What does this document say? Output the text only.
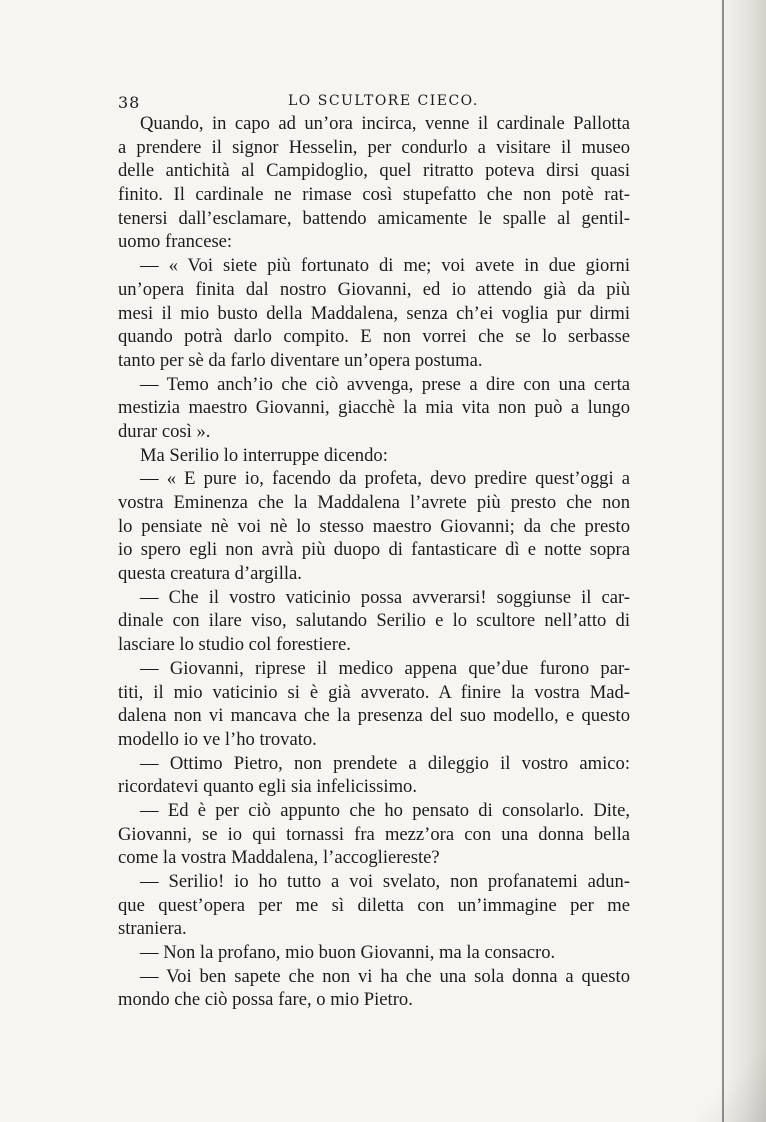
38	LO SCULTORE CIECO.
Quando, in capo ad un’ora incirca, venne il cardinale Pallotta
a prendere il signor Hesselin, per condurlo a visitare il museo
delle antichità al Campidoglio, quel ritratto poteva dirsi quasi
finito. Il cardinale ne rimase così stupefatto che non potè rat-
tenersi dall’esclamare, battendo amicamente le spalle al gentil-
uomo francese:
— « Voi siete più fortunato di me; voi avete in due giorni
un’opera finita dal nostro Giovanni, ed io attendo già da più
mesi il mio busto della Maddalena, senza ch’ei voglia pur dirmi
quando potrà darlo compito. E non vorrei che se lo serbasse
tanto per sè da farlo diventare un’opera postuma.
— Temo anch’io che ciò avvenga, prese a dire con una certa
mestizia maestro Giovanni, giacchè la mia vita non può a lungo
durar così ».
Ma Serilio lo interruppe dicendo:
— « E pure io, facendo da profeta, devo predire quest’oggi a
vostra Eminenza che la Maddalena l’avrete più presto che non
lo pensiate nè voi nè lo stesso maestro Giovanni; da che presto
io spero egli non avrà più duopo di fantasticare dì e notte sopra
questa creatura d’argilla.
— Che il vostro vaticinio possa avverarsi! soggiunse il car-
dinale con ilare viso, salutando Serilio e lo scultore nell’atto di
lasciare lo studio col forestiere.
— Giovanni, riprese il medico appena que’due furono par-
titi, il mio vaticinio si è già avverato. A finire la vostra Mad-
dalena non vi mancava che la presenza del suo modello, e questo
modello io ve l’ho trovato.
— Ottimo Pietro, non prendete a dileggio il vostro amico:
ricordatevi quanto egli sia infelicissimo.
— Ed è per ciò appunto che ho pensato di consolarlo. Dite,
Giovanni, se io qui tornassi fra mezz’ora con una donna bella
come la vostra Maddalena, l’accogliereste?
— Serilio! io ho tutto a voi svelato, non profanatemi adun-
que quest’opera per me sì diletta con un’immagine per me
straniera.
— Non la profano, mio buon Giovanni, ma la consacro.
— Voi ben sapete che non vi ha che una sola donna a questo
mondo che ciò possa fare, o mio Pietro.
